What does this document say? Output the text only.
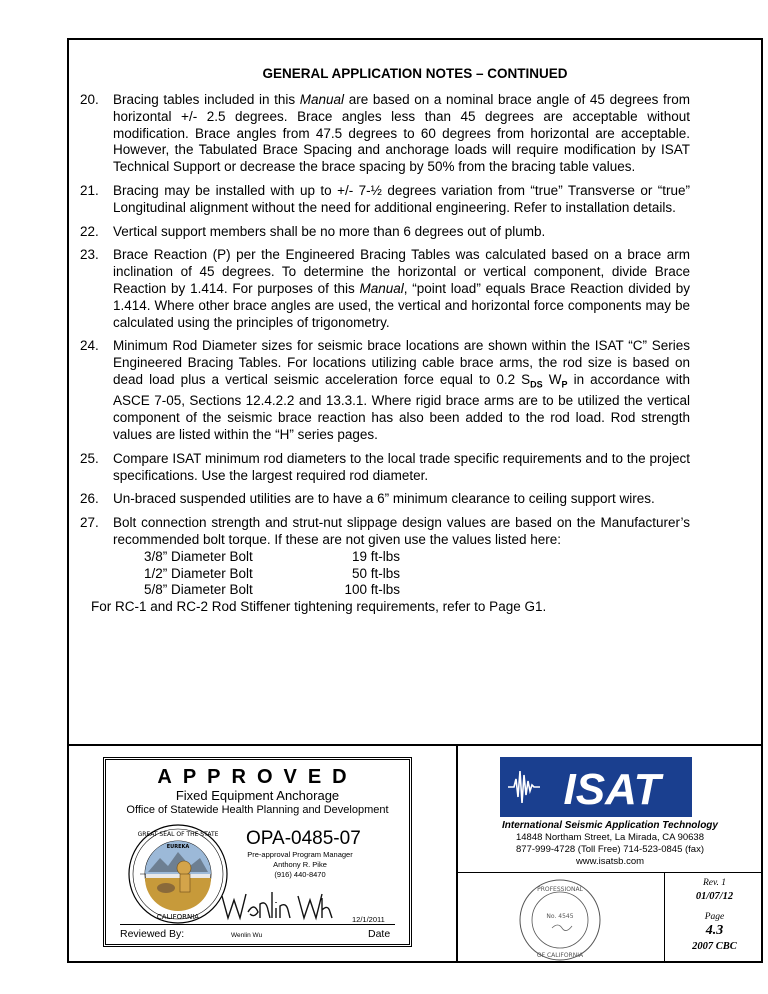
GENERAL APPLICATION NOTES – CONTINUED
20.	Bracing tables included in this Manual are based on a nominal brace angle of 45 degrees from horizontal +/- 2.5 degrees. Brace angles less than 45 degrees are acceptable without modification. Brace angles from 47.5 degrees to 60 degrees from horizontal are acceptable. However, the Tabulated Brace Spacing and anchorage loads will require modification by ISAT Technical Support or decrease the brace spacing by 50% from the bracing table values.
21.	Bracing may be installed with up to +/- 7-½ degrees variation from “true” Transverse or “true” Longitudinal alignment without the need for additional engineering. Refer to installation details.
22.	Vertical support members shall be no more than 6 degrees out of plumb.
23.	Brace Reaction (P) per the Engineered Bracing Tables was calculated based on a brace arm inclination of 45 degrees. To determine the horizontal or vertical component, divide Brace Reaction by 1.414. For purposes of this Manual, “point load” equals Brace Reaction divided by 1.414. Where other brace angles are used, the vertical and horizontal force components may be calculated using the principles of trigonometry.
24.	Minimum Rod Diameter sizes for seismic brace locations are shown within the ISAT “C” Series Engineered Bracing Tables. For locations utilizing cable brace arms, the rod size is based on dead load plus a vertical seismic acceleration force equal to 0.2 $S_{DS}$ $W_P$ in accordance with ASCE 7-05, Sections 12.4.2.2 and 13.3.1. Where rigid brace arms are to be utilized the vertical component of the seismic brace reaction has also been added to the rod load. Rod strength values are listed within the “H” series pages.
25.	Compare ISAT minimum rod diameters to the local trade specific requirements and to the project specifications. Use the largest required rod diameter.
26.	Un-braced suspended utilities are to have a 6” minimum clearance to ceiling support wires.
27.	Bolt connection strength and strut-nut slippage design values are based on the Manufacturer’s recommended bolt torque. If these are not given use the values listed here:
3/8” Diameter Bolt	19 ft-lbs
1/2” Diameter Bolt	50 ft-lbs
5/8” Diameter Bolt	100 ft-lbs
For RC-1 and RC-2 Rod Stiffener tightening requirements, refer to Page G1.
APPROVED
Fixed Equipment Anchorage
Office of Statewide Health Planning and Development
GREAT SEAL OF THE STATE
CALIFORNIA
EUREKA	OPA-0485-07
Pre-approval Program Manager
Anthony R. Pike
(916) 440-8470
12/1/2011
Reviewed By:	Wenlin Wu	Date
ISAT
International Seismic Application Technology
14848 Northam Street, La Mirada, CA 90638
877-999-4728 (Toll Free) 714-523-0845 (fax)
www.isatsb.com
PROFESSIONAL
OF CALIFORNIA
No. 4545
Rev. 1
01/07/12
Page
4.3
2007 CBC
